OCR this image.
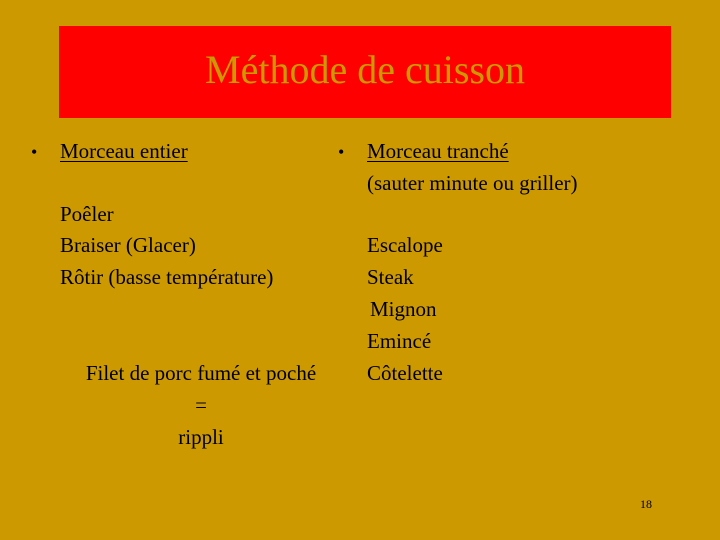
Méthode de cuisson
• Morceau entier
Poêler
Braiser (Glacer)
Rôtir (basse température)
Filet de porc fumé et poché
=
rippli
• Morceau tranché
(sauter minute ou griller)
Escalope
Steak
Mignon
Emincé
Côtelette
18
